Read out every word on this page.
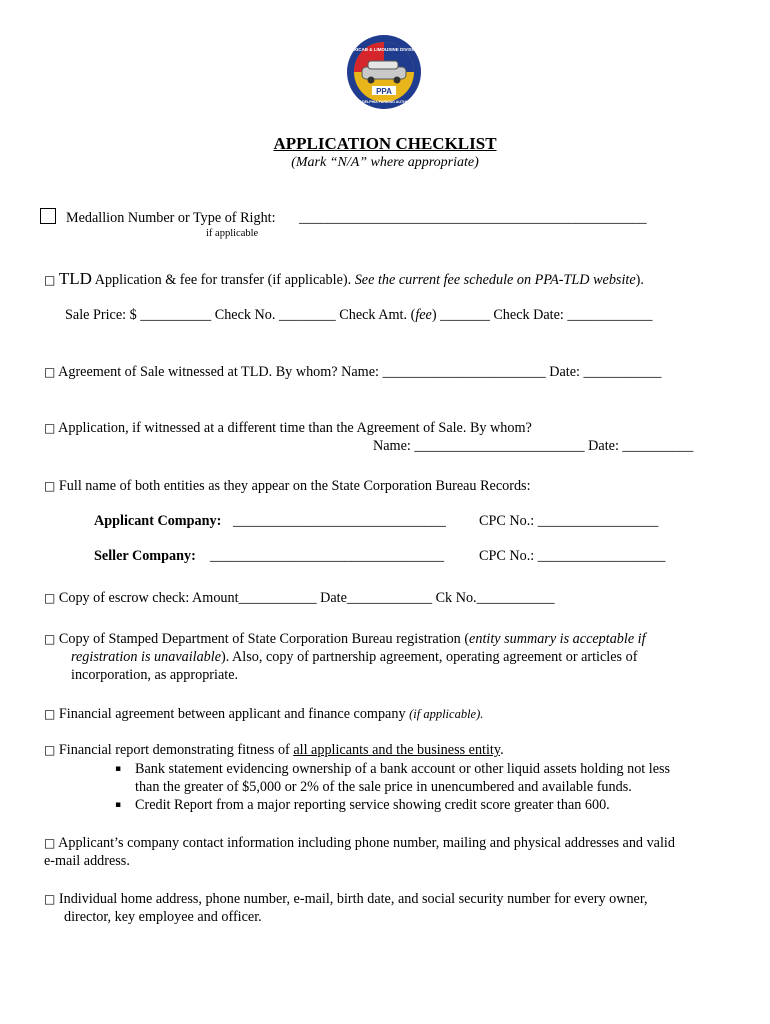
PPA
TAXICAB & LIMOUSINE DIVISION
PHILADELPHIA PARKING AUTHORITY
APPLICATION CHECKLIST
(Mark “N/A” where appropriate)
Medallion Number or Type of Right: _________________________________________________
if applicable
□ TLD Application & fee for transfer (if applicable). See the current fee schedule on PPA-TLD website).
Sale Price: $ __________ Check No. ________ Check Amt. (fee) _______ Check Date: ____________
□ Agreement of Sale witnessed at TLD. By whom? Name: _______________________ Date: ___________
□ Application, if witnessed at a different time than the Agreement of Sale. By whom?
Name: ________________________ Date: __________
□ Full name of both entities as they appear on the State Corporation Bureau Records:
Applicant Company: ______________________________ CPC No.: _________________
Seller Company: _________________________________ CPC No.: __________________
□ Copy of escrow check: Amount___________ Date____________ Ck No.___________
□ Copy of Stamped Department of State Corporation Bureau registration (entity summary is acceptable if
registration is unavailable). Also, copy of partnership agreement, operating agreement or articles of
incorporation, as appropriate.
□ Financial agreement between applicant and finance company (if applicable).
□ Financial report demonstrating fitness of all applicants and the business entity.
▪ Bank statement evidencing ownership of a bank account or other liquid assets holding not less
than the greater of $5,000 or 2% of the sale price in unencumbered and available funds.
▪ Credit Report from a major reporting service showing credit score greater than 600.
□ Applicant’s company contact information including phone number, mailing and physical addresses and valid
e-mail address.
□ Individual home address, phone number, e-mail, birth date, and social security number for every owner,
director, key employee and officer.
